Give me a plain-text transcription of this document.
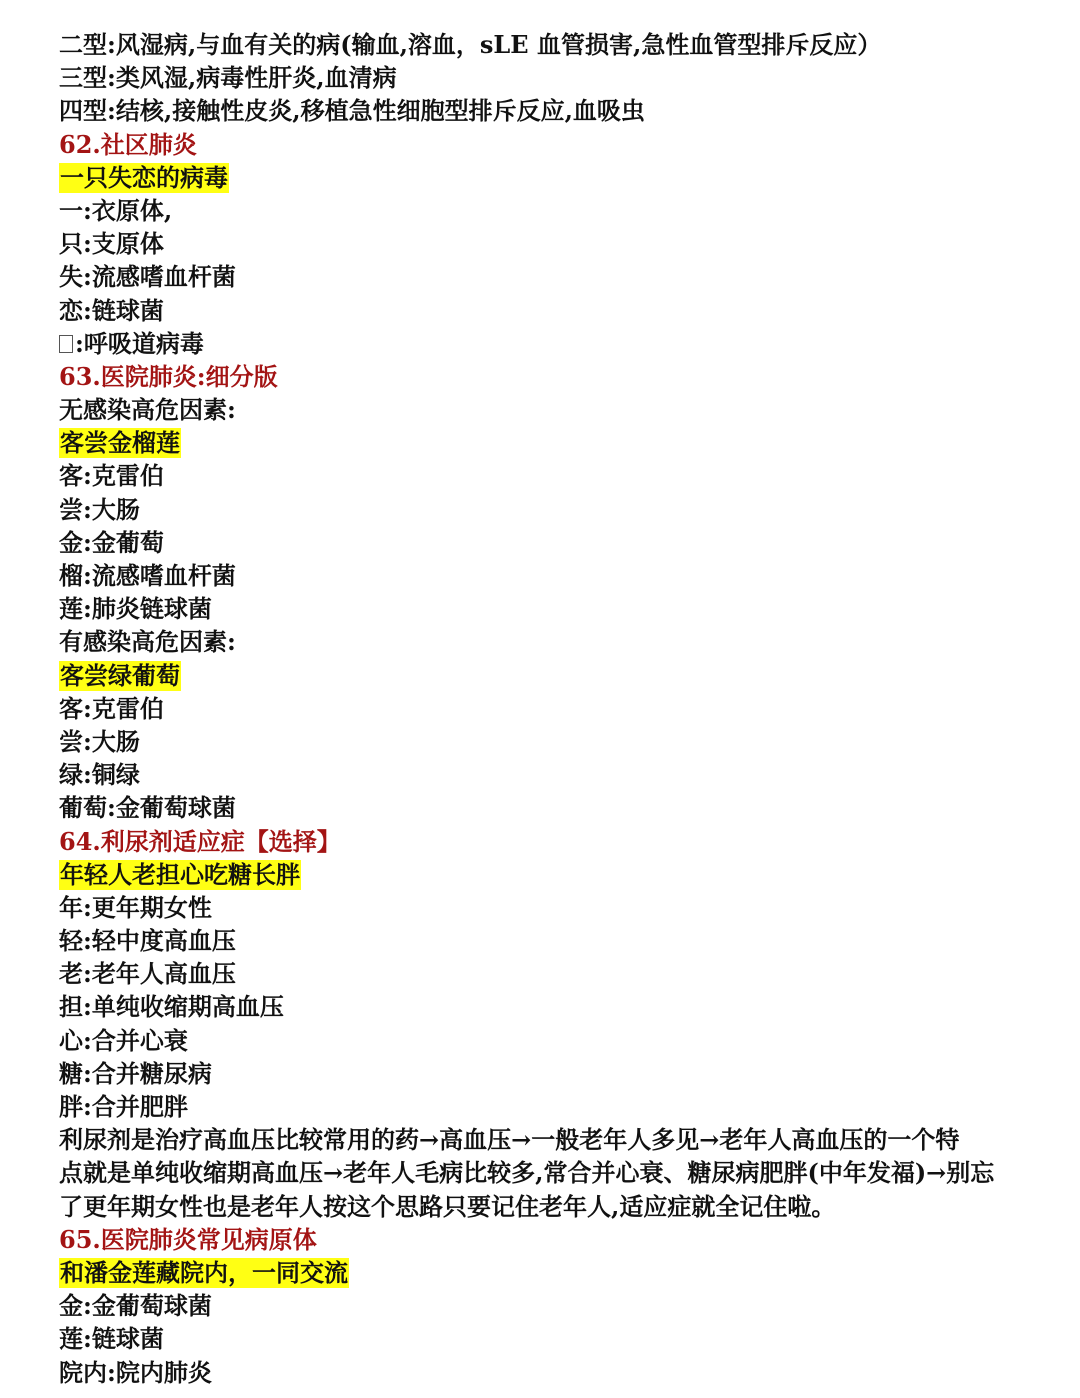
二型:风湿病,与血有关的病(输血,溶血，sLE 血管损害,急性血管型排斥反应）
三型:类风湿,病毒性肝炎,血清病
四型:结核,接触性皮炎,移植急性细胞型排斥反应,血吸虫
62.社区肺炎
一只失恋的病毒
一:衣原体,
只:支原体
失:流感嗜血杆菌
恋:链球菌
:呼吸道病毒
63.医院肺炎:细分版
无感染高危因素:
客尝金榴莲
客:克雷伯
尝:大肠
金:金葡萄
榴:流感嗜血杆菌
莲:肺炎链球菌
有感染高危因素:
客尝绿葡萄
客:克雷伯
尝:大肠
绿:铜绿
葡萄:金葡萄球菌
64.利尿剂适应症【选择】
年轻人老担心吃糖长胖
年:更年期女性
轻:轻中度高血压
老:老年人高血压
担:单纯收缩期高血压
心:合并心衰
糖:合并糖尿病
胖:合并肥胖
利尿剂是治疗高血压比较常用的药→高血压→一般老年人多见→老年人高血压的一个特
点就是单纯收缩期高血压→老年人毛病比较多,常合并心衰、糖尿病肥胖(中年发福)→别忘
了更年期女性也是老年人按这个思路只要记住老年人,适应症就全记住啦。
65.医院肺炎常见病原体
和潘金莲藏院内，一同交流
金:金葡萄球菌
莲:链球菌
院内:院内肺炎
